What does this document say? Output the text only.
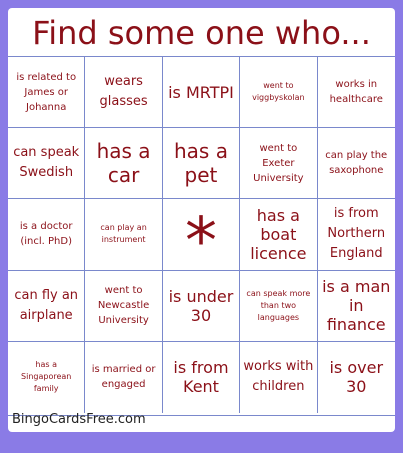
Find some one who...
is related to James or Johanna
wears glasses	is MRTPI	went to viggbyskolan
works in healthcare
can speak Swedish
has a car
has a pet
went to Exeter University
can play the saxophone
is a doctor (incl. PhD)
can play an instrument *	has a boat licence
is from Northern England
can fly an airplane
went to Newcastle University
is under 30
can speak more than two languages
is a man in finance
has a Singaporean family
is married or engaged
is from Kent
works with children
is over 30
BingoCardsFree.com
